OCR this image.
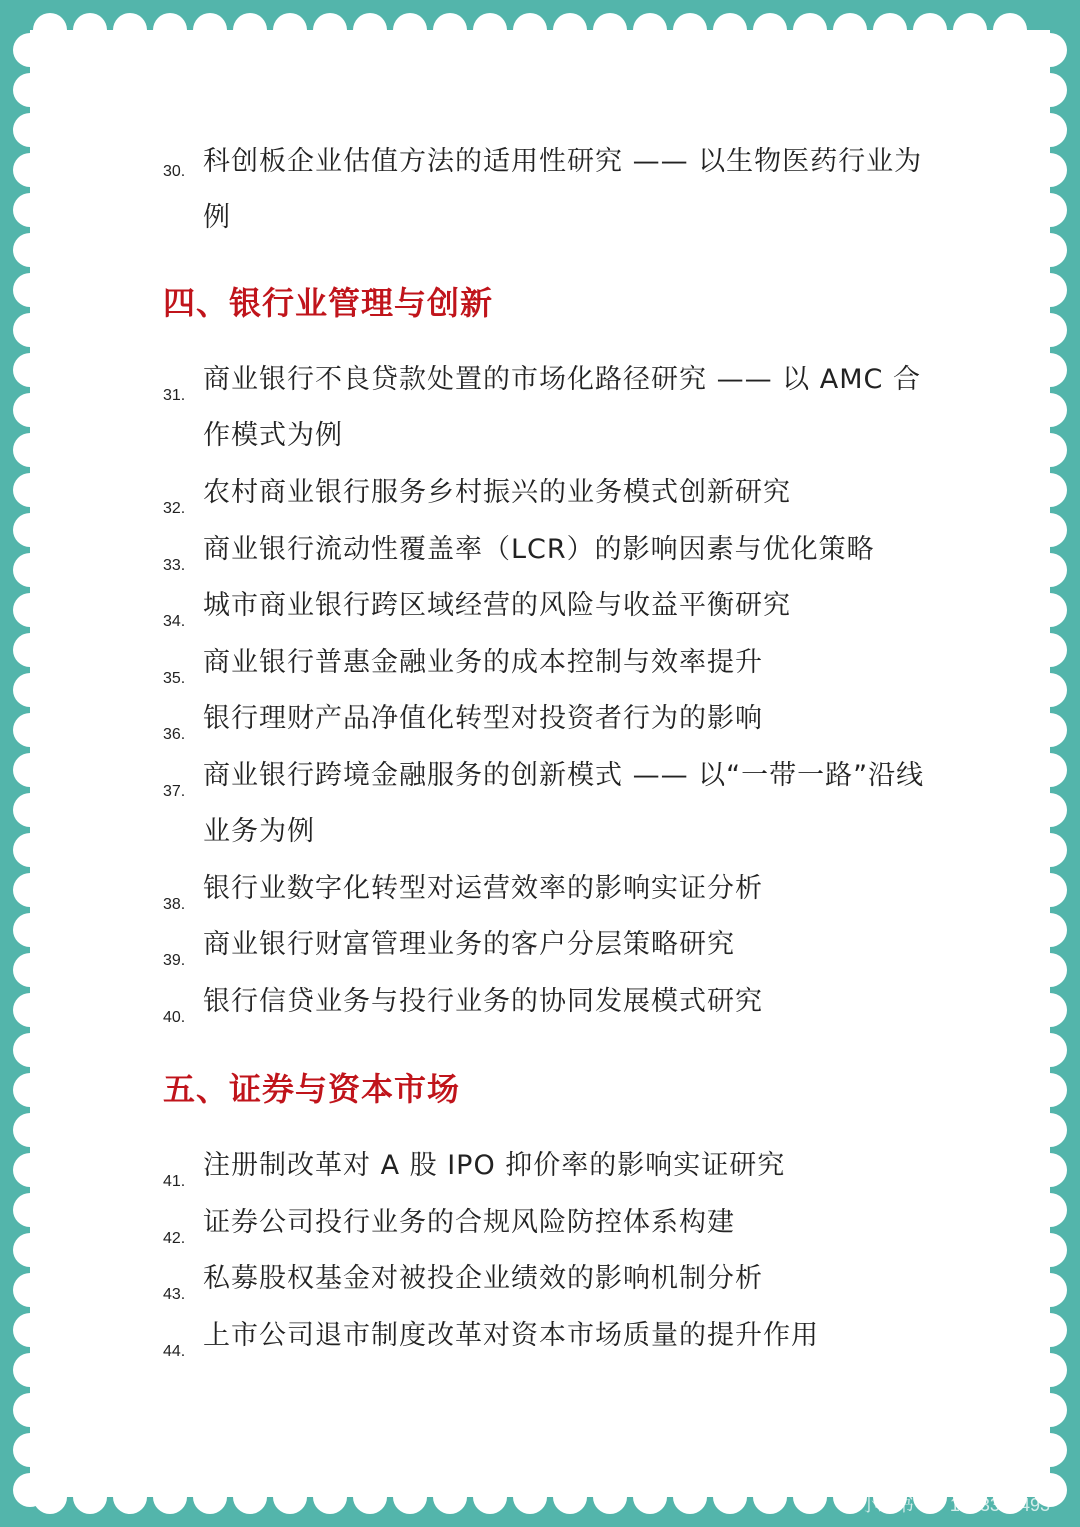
30. 科创板企业估值方法的适用性研究 —— 以生物医药行业为例
四、银行业管理与创新
31.
商业银行不良贷款处置的市场化路径研究 —— 以 AMC 合作模式为例
32.
农村商业银行服务乡村振兴的业务模式创新研究
33.
商业银行流动性覆盖率（LCR）的影响因素与优化策略
34.
城市商业银行跨区域经营的风险与收益平衡研究
35.
商业银行普惠金融业务的成本控制与效率提升
36.
银行理财产品净值化转型对投资者行为的影响
37.
商业银行跨境金融服务的创新模式 —— 以“一带一路”沿线业务为例
38.
银行业数字化转型对运营效率的影响实证分析
39.
商业银行财富管理业务的客户分层策略研究
40.
银行信贷业务与投行业务的协同发展模式研究
五、证券与资本市场
41.
注册制改革对 A 股 IPO 抑价率的影响实证研究
42.
证券公司投行业务的合规风险防控体系构建
43.
私募股权基金对被投企业绩效的影响机制分析
44.
上市公司退市制度改革对资本市场质量的提升作用
小红书号：1233389493
